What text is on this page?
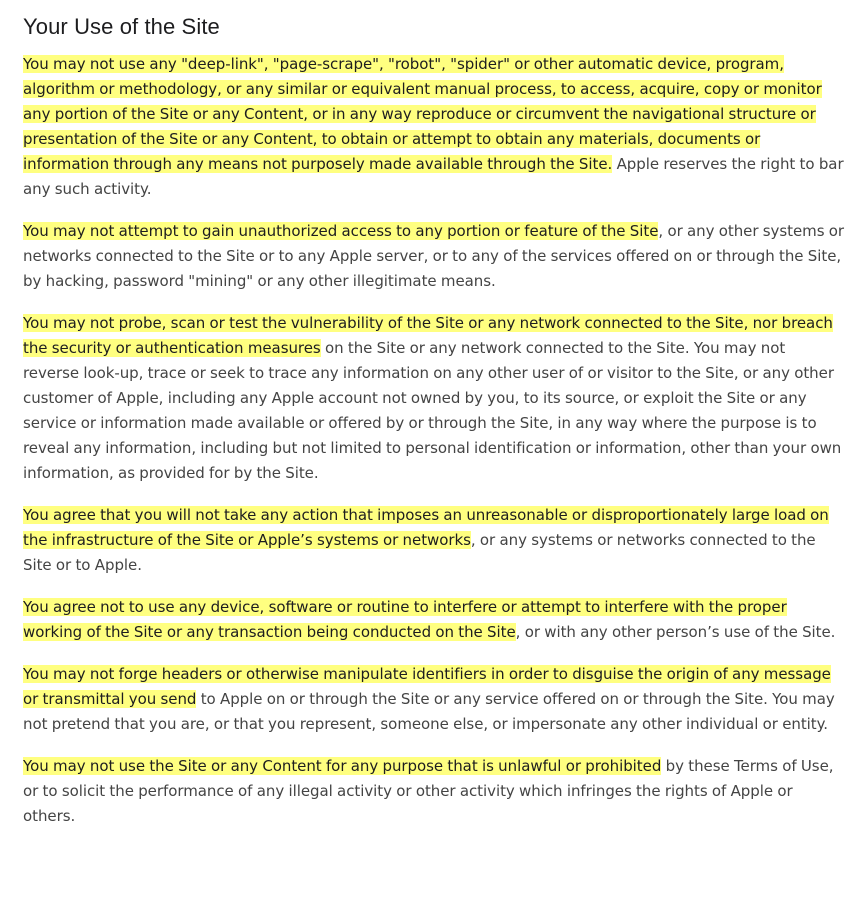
Your Use of the Site

You may not use any "deep-link", "page-scrape", "robot", "spider" or other automatic device, program, algorithm or methodology, or any similar or equivalent manual process, to access, acquire, copy or monitor any portion of the Site or any Content, or in any way reproduce or circumvent the navigational structure or presentation of the Site or any Content, to obtain or attempt to obtain any materials, documents or information through any means not purposely made available through the Site. Apple reserves the right to bar any such activity.

You may not attempt to gain unauthorized access to any portion or feature of the Site, or any other systems or networks connected to the Site or to any Apple server, or to any of the services offered on or through the Site, by hacking, password "mining" or any other illegitimate means.

You may not probe, scan or test the vulnerability of the Site or any network connected to the Site, nor breach the security or authentication measures on the Site or any network connected to the Site. You may not reverse look-up, trace or seek to trace any information on any other user of or visitor to the Site, or any other customer of Apple, including any Apple account not owned by you, to its source, or exploit the Site or any service or information made available or offered by or through the Site, in any way where the purpose is to reveal any information, including but not limited to personal identification or information, other than your own information, as provided for by the Site.

You agree that you will not take any action that imposes an unreasonable or disproportionately large load on the infrastructure of the Site or Apple’s systems or networks, or any systems or networks connected to the Site or to Apple.

You agree not to use any device, software or routine to interfere or attempt to interfere with the proper working of the Site or any transaction being conducted on the Site, or with any other person’s use of the Site.

You may not forge headers or otherwise manipulate identifiers in order to disguise the origin of any message or transmittal you send to Apple on or through the Site or any service offered on or through the Site. You may not pretend that you are, or that you represent, someone else, or impersonate any other individual or entity.

You may not use the Site or any Content for any purpose that is unlawful or prohibited by these Terms of Use, or to solicit the performance of any illegal activity or other activity which infringes the rights of Apple or others.
